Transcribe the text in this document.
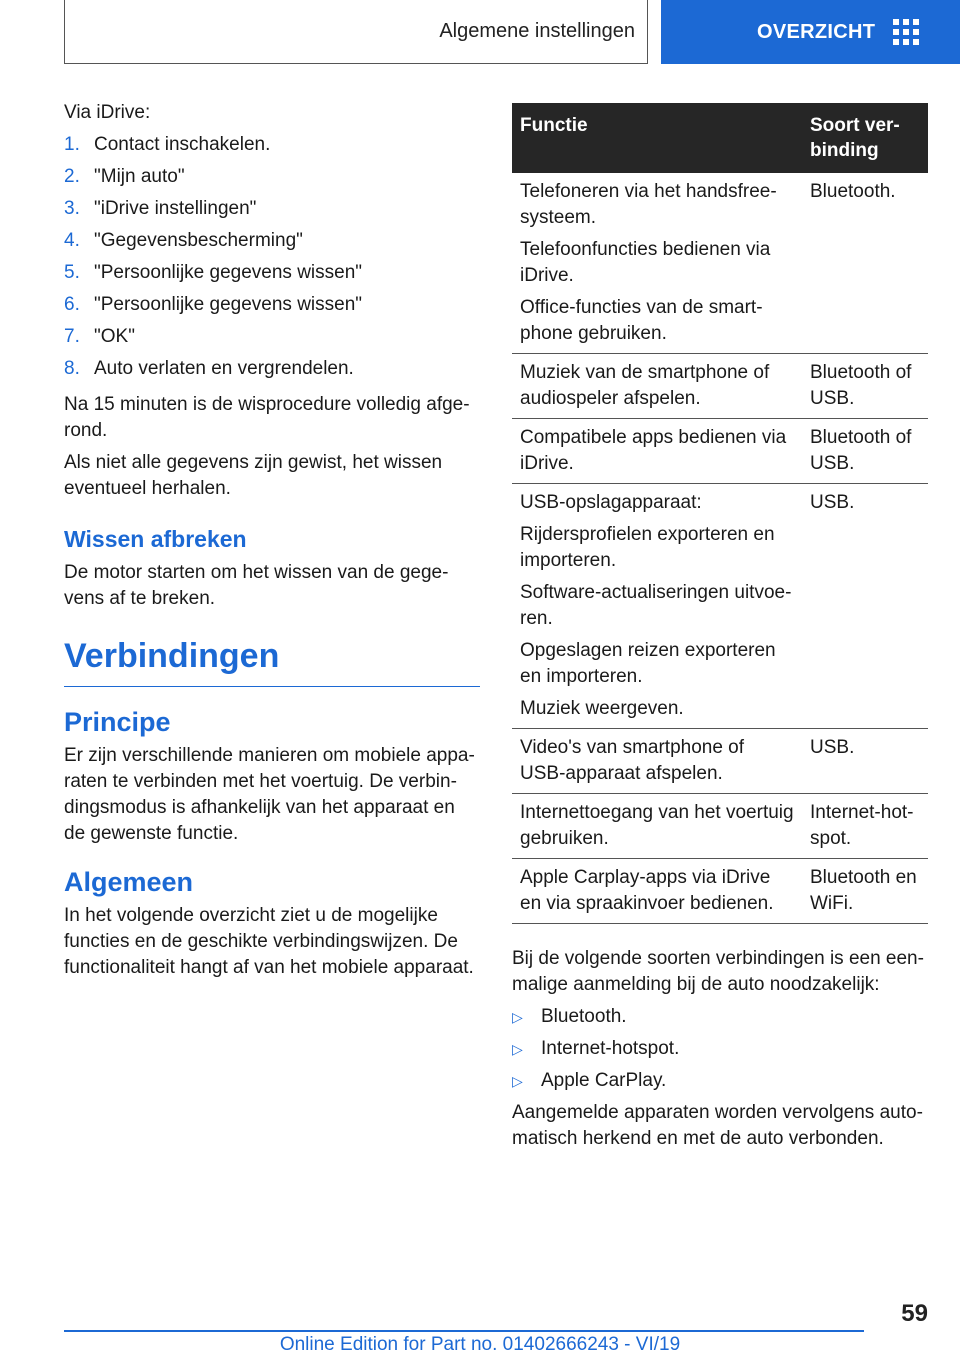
Algemene instellingen	OVERZICHT

Via iDrive:

1. Contact inschakelen.
2. "Mijn auto"
3. "iDrive instellingen"
4. "Gegevensbescherming"
5. "Persoonlijke gegevens wissen"
6. "Persoonlijke gegevens wissen"
7. "OK"
8. Auto verlaten en vergrendelen.

Na 15 minuten is de wisprocedure volledig afgerond.

Als niet alle gegevens zijn gewist, het wissen eventueel herhalen.

Wissen afbreken

De motor starten om het wissen van de gegevens af te breken.

Verbindingen
Principe

Er zijn verschillende manieren om mobiele apparaten te verbinden met het voertuig. De verbindingsmodus is afhankelijk van het apparaat en de gewenste functie.

Algemeen

In het volgende overzicht ziet u de mogelijke functies en de geschikte verbindingswijzen. De functionaliteit hangt af van het mobiele apparaat.

Functie	Soort verbinding

Telefoneren via het handsfreesysteem.
Telefoonfuncties bedienen via iDrive.
Office-functies van de smartphone gebruiken.	Bluetooth.

Muziek van de smartphone of audiospeler afspelen.	Bluetooth of USB.

Compatibele apps bedienen via iDrive.	Bluetooth of USB.

USB-opslagapparaat:
Rijdersprofielen exporteren en importeren.
Software-actualiseringen uitvoeren.
Opgeslagen reizen exporteren en importeren.
Muziek weergeven.	USB.

Video's van smartphone of USB-apparaat afspelen.	USB.

Internettoegang van het voertuig gebruiken.	Internet-hotspot.

Apple Carplay-apps via iDrive en via spraakinvoer bedienen.	Bluetooth en WiFi.

Bij de volgende soorten verbindingen is een eenmalige aanmelding bij de auto noodzakelijk:

▷ Bluetooth.
▷ Internet-hotspot.
▷ Apple CarPlay.

Aangemelde apparaten worden vervolgens automatisch herkend en met de auto verbonden.

59
Online Edition for Part no. 01402666243 - VI/19
